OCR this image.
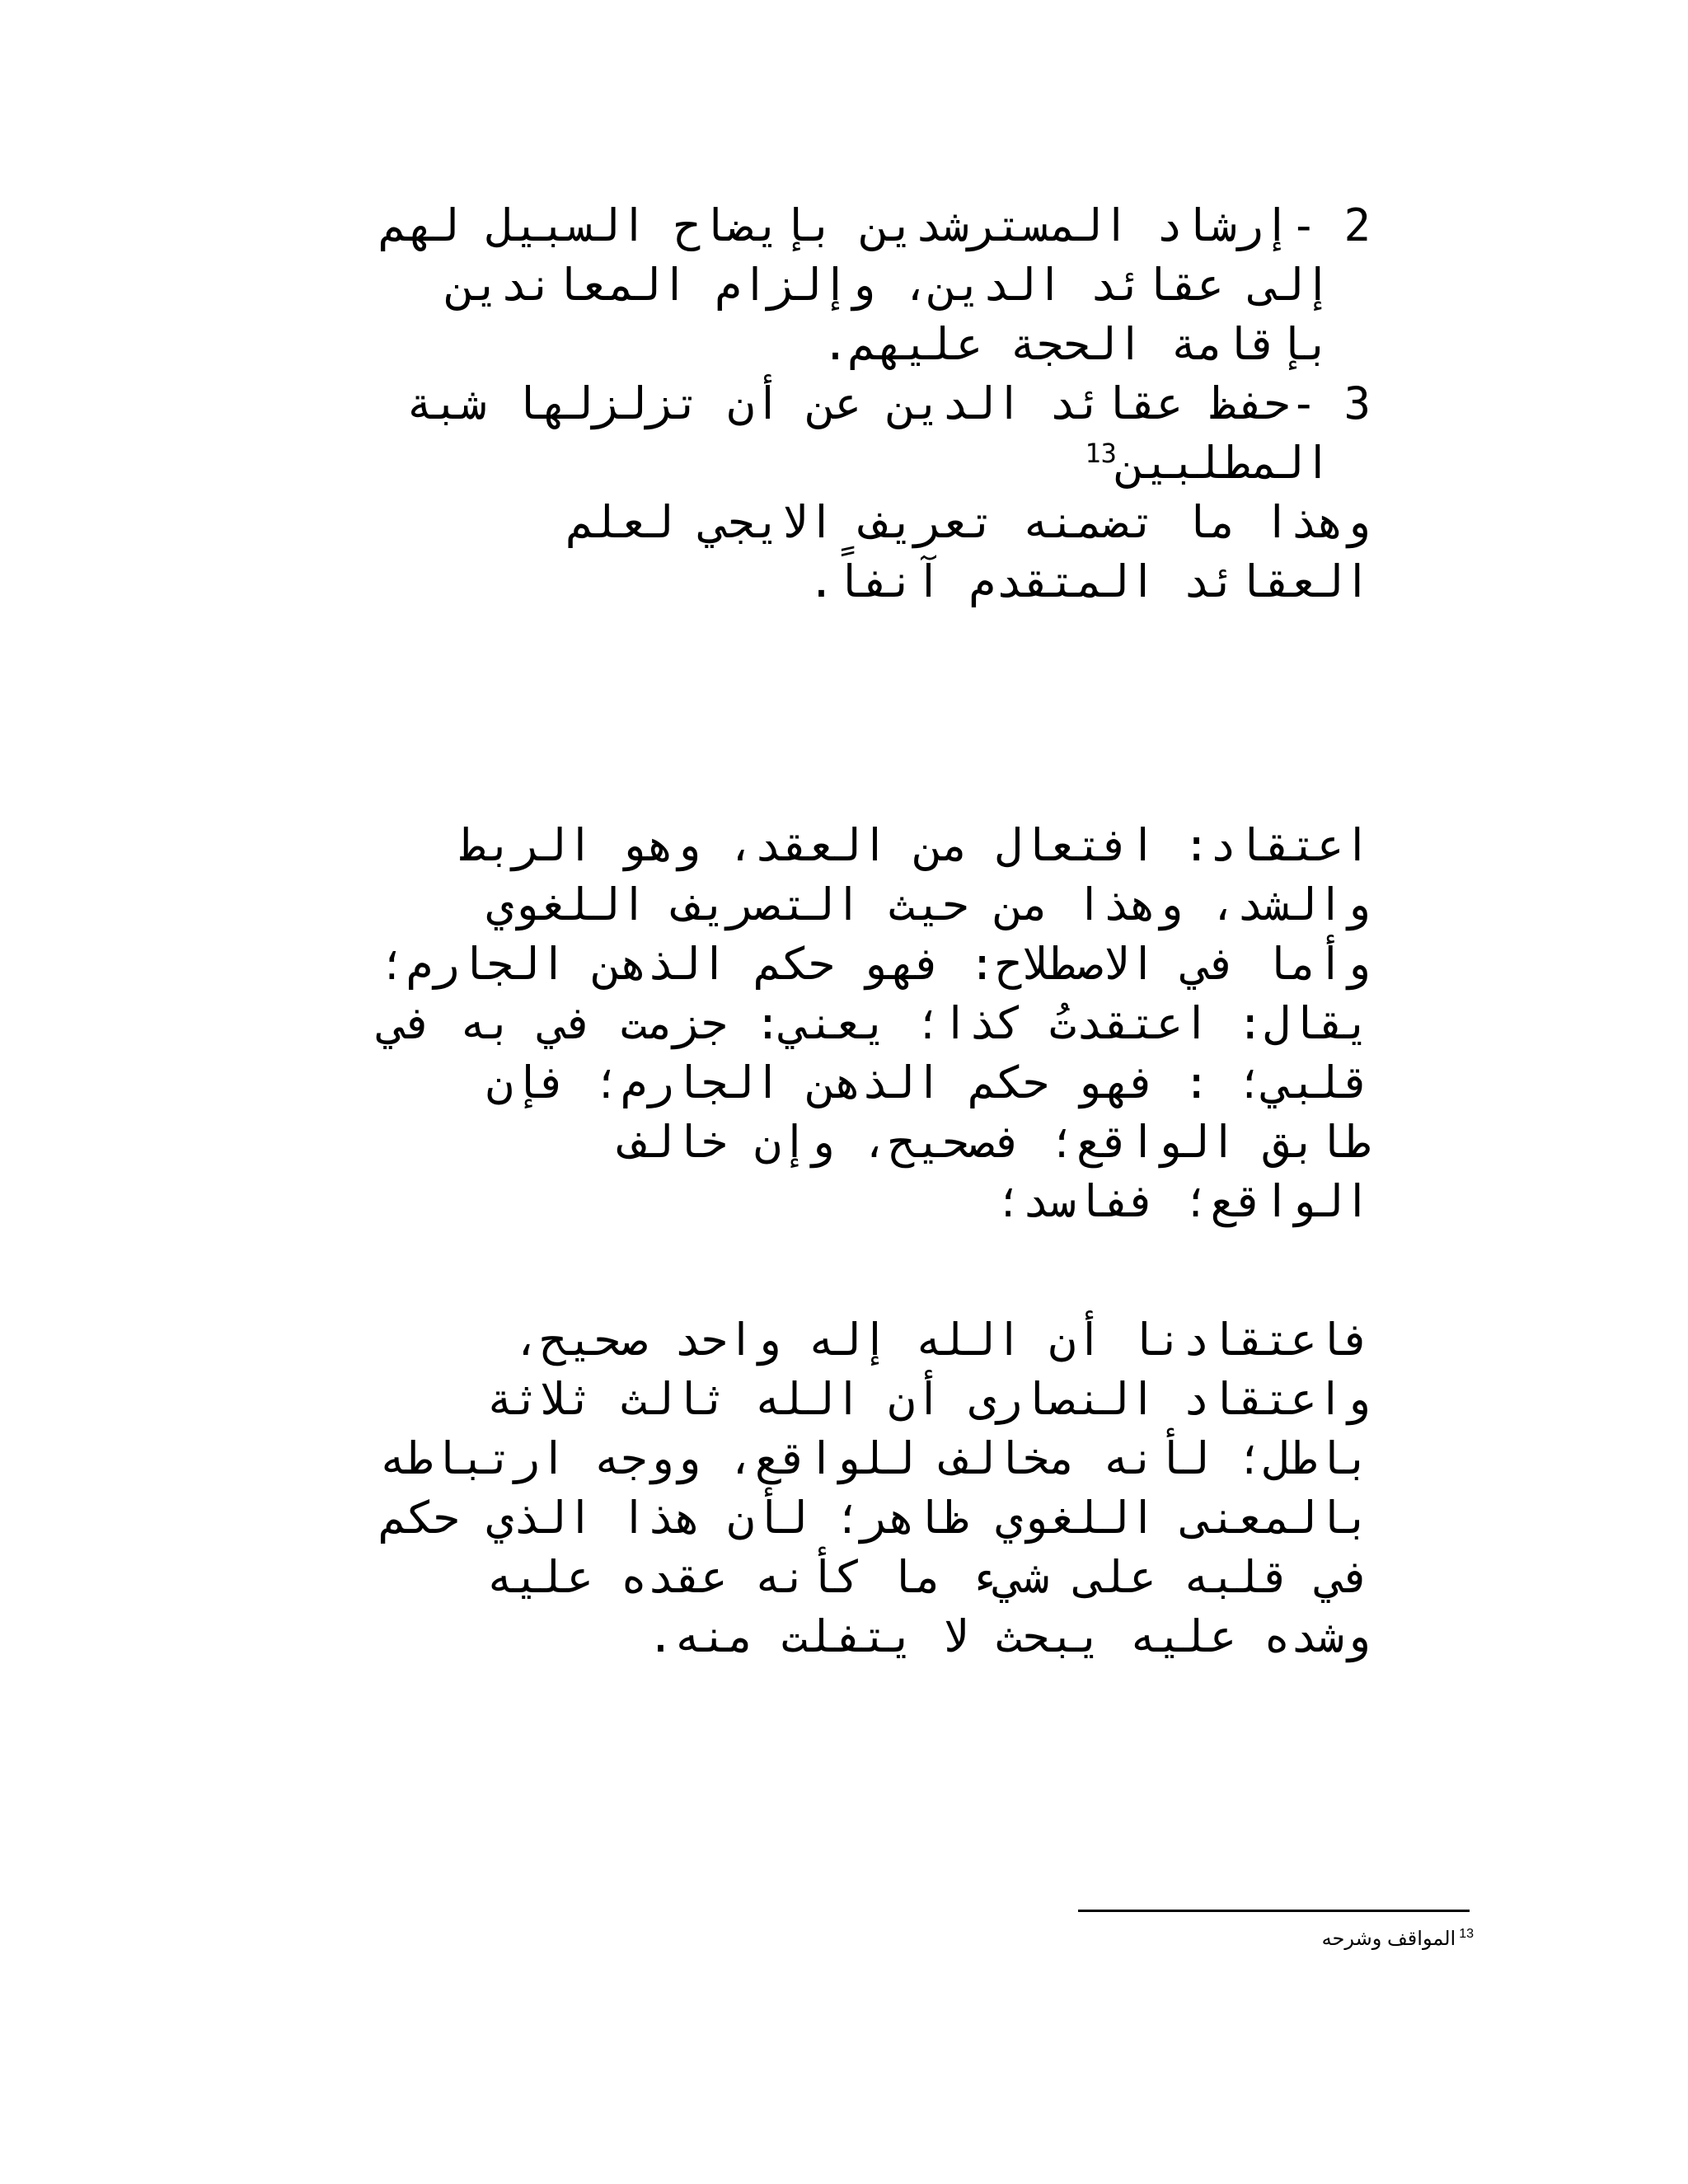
2 -إرشاد المسترشدين بإيضاح السبيل لهم
إلى عقائد الدين، وإلزام المعاندين
بإقامة الحجة عليهم.
3 -حفظ عقائد الدين عن أن تزلزلها شبة
المطلبين$^{13}$
وهذا ما تضمنه تعريف الايجي لعلم
العقائد المتقدم آنفاً.
اعتقاد: افتعال من العقد، وهو الربط
والشد، وهذا من حيث التصريف اللغوي
وأما في الاصطلاح: فهو حكم الذهن الجارم؛
يقال: اعتقدتُ كذا؛ يعني: جزمت في به في
قلبي؛ : فهو حكم الذهن الجارم؛ فإن
طابق الواقع؛ فصحيح، وإن خالف
الواقع؛ ففاسد؛
فاعتقادنا أن الله إله واحد صحيح،
واعتقاد النصارى أن الله ثالث ثلاثة
باطل؛ لأنه مخالف للواقع، ووجه ارتباطه
بالمعنى اللغوي ظاهر؛ لأن هذا الذي حكم
في قلبه على شيء ما كأنه عقده عليه
وشده عليه يبحث لا يتفلت منه.
$^{13}$المواقف وشرحه
